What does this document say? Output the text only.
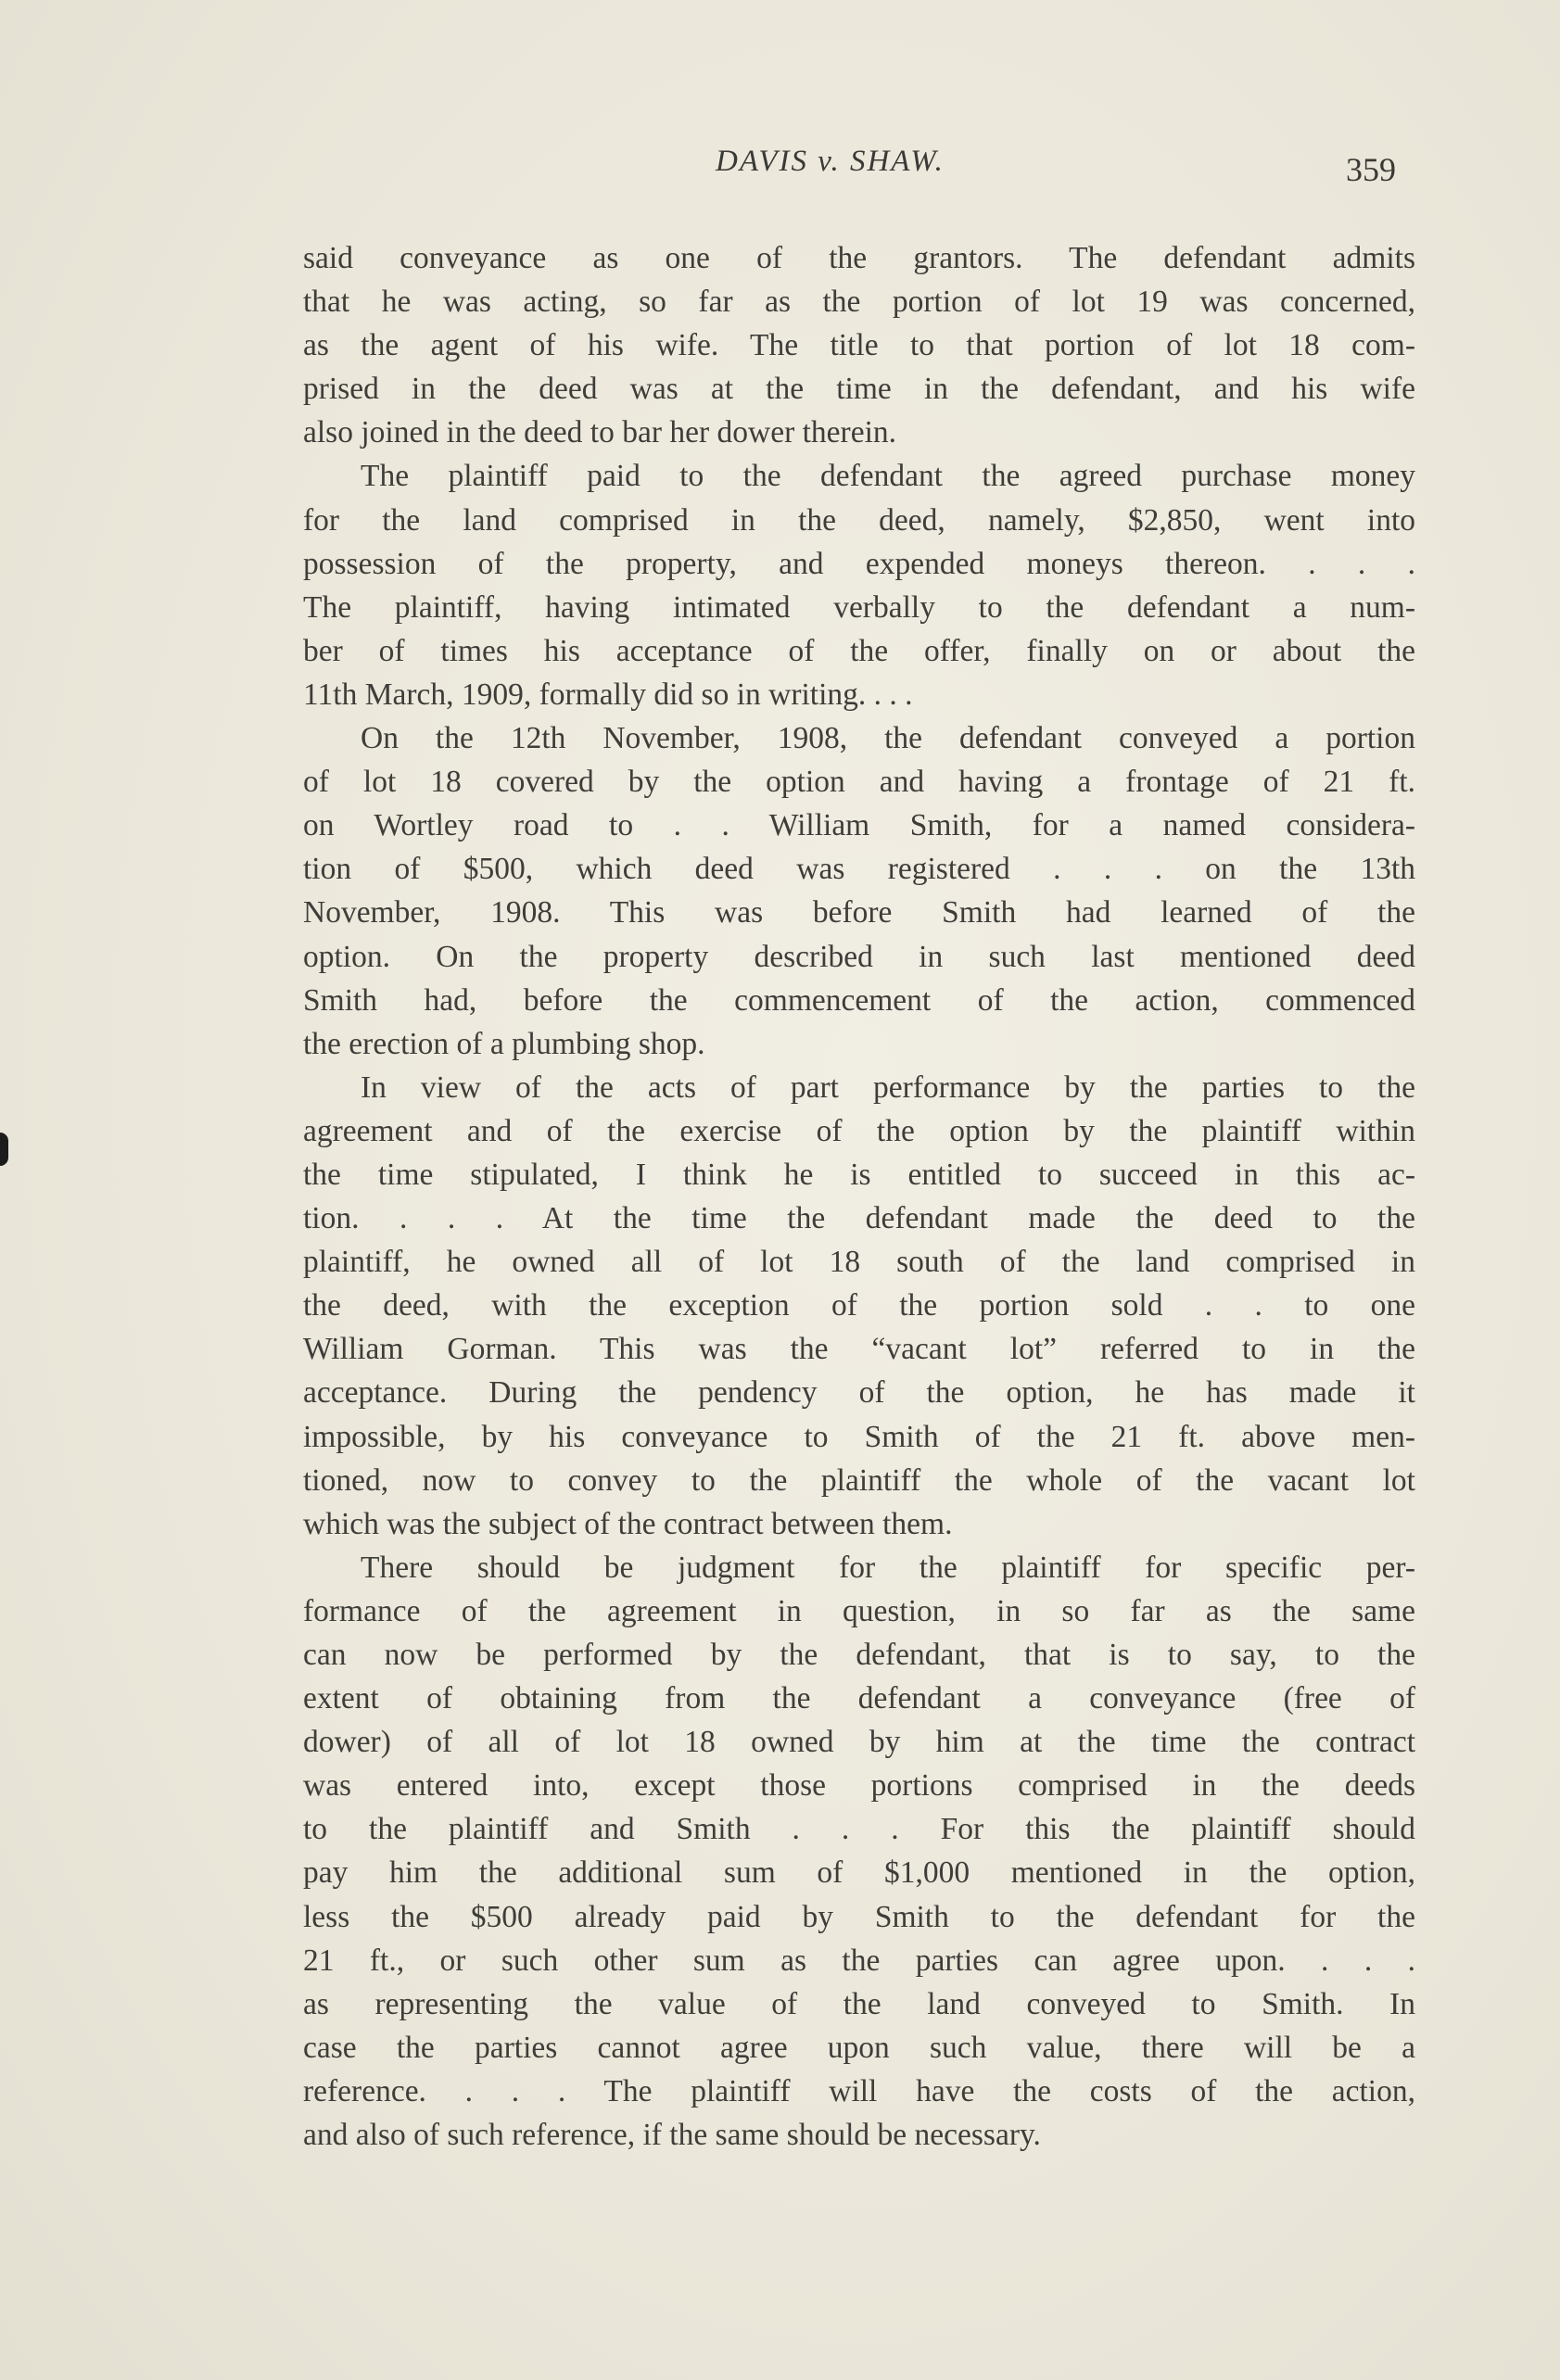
DAVIS v. SHAW.	359
said conveyance as one of the grantors. The defendant admits
that he was acting, so far as the portion of lot 19 was concerned,
as the agent of his wife. The title to that portion of lot 18 com-
prised in the deed was at the time in the defendant, and his wife
also joined in the deed to bar her dower therein.
The plaintiff paid to the defendant the agreed purchase money
for the land comprised in the deed, namely, $2,850, went into
possession of the property, and expended moneys thereon. . . .
The plaintiff, having intimated verbally to the defendant a num-
ber of times his acceptance of the offer, finally on or about the
11th March, 1909, formally did so in writing. . . .
On the 12th November, 1908, the defendant conveyed a portion
of lot 18 covered by the option and having a frontage of 21 ft.
on Wortley road to . . William Smith, for a named considera-
tion of $500, which deed was registered . . . on the 13th
November, 1908. This was before Smith had learned of the
option. On the property described in such last mentioned deed
Smith had, before the commencement of the action, commenced
the erection of a plumbing shop.
In view of the acts of part performance by the parties to the
agreement and of the exercise of the option by the plaintiff within
the time stipulated, I think he is entitled to succeed in this ac-
tion. . . . At the time the defendant made the deed to the
plaintiff, he owned all of lot 18 south of the land comprised in
the deed, with the exception of the portion sold . . to one
William Gorman. This was the “vacant lot” referred to in the
acceptance. During the pendency of the option, he has made it
impossible, by his conveyance to Smith of the 21 ft. above men-
tioned, now to convey to the plaintiff the whole of the vacant lot
which was the subject of the contract between them.
There should be judgment for the plaintiff for specific per-
formance of the agreement in question, in so far as the same
can now be performed by the defendant, that is to say, to the
extent of obtaining from the defendant a conveyance (free of
dower) of all of lot 18 owned by him at the time the contract
was entered into, except those portions comprised in the deeds
to the plaintiff and Smith . . . For this the plaintiff should
pay him the additional sum of $1,000 mentioned in the option,
less the $500 already paid by Smith to the defendant for the
21 ft., or such other sum as the parties can agree upon. . . .
as representing the value of the land conveyed to Smith. In
case the parties cannot agree upon such value, there will be a
reference. . . . The plaintiff will have the costs of the action,
and also of such reference, if the same should be necessary.
